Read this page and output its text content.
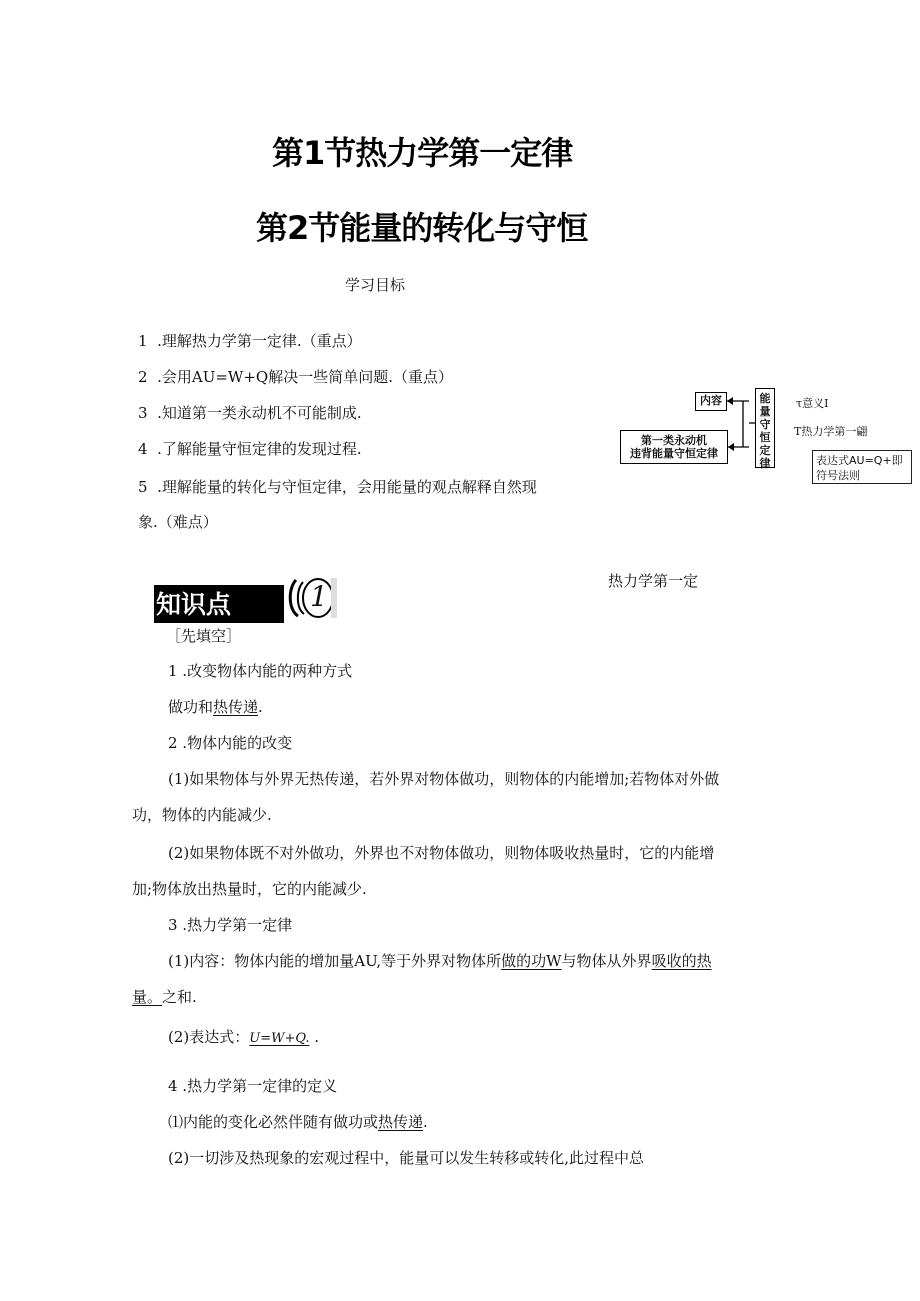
第1节热力学第一定律
第2节能量的转化与守恒
学习目标
1 .理解热力学第一定律.（重点）
2 .会用AU=W+Q解决一些简单问题.（重点）
3 .知道第一类永动机不可能制成.
4 .了解能量守恒定律的发现过程.
5 .理解能量的转化与守恒定律，会用能量的观点解释自然现
象.（难点）
内容
第一类永动机
违背能量守恒定律
能量守恒定律
τ意义I
T热力学第一翩
表达式AU=Q+即符号法则
热力学第一定
知识点	1
［先填空］
1 .改变物体内能的两种方式
做功和热传递.
2 .物体内能的改变
(1)如果物体与外界无热传递，若外界对物体做功，则物体的内能增加;若物体对外做
功，物体的内能减少.
(2)如果物体既不对外做功，外界也不对物体做功，则物体吸收热量时，它的内能增
加;物体放出热量时，它的内能减少.
3 .热力学第一定律
(1)内容：物体内能的增加量AU,等于外界对物体所做的功W与物体从外界吸收的热
量。之和.
(2)表达式：U=W+Q. .
4 .热力学第一定律的定义
⑴内能的变化必然伴随有做功或热传递.
(2)一切涉及热现象的宏观过程中，能量可以发生转移或转化,此过程中总
